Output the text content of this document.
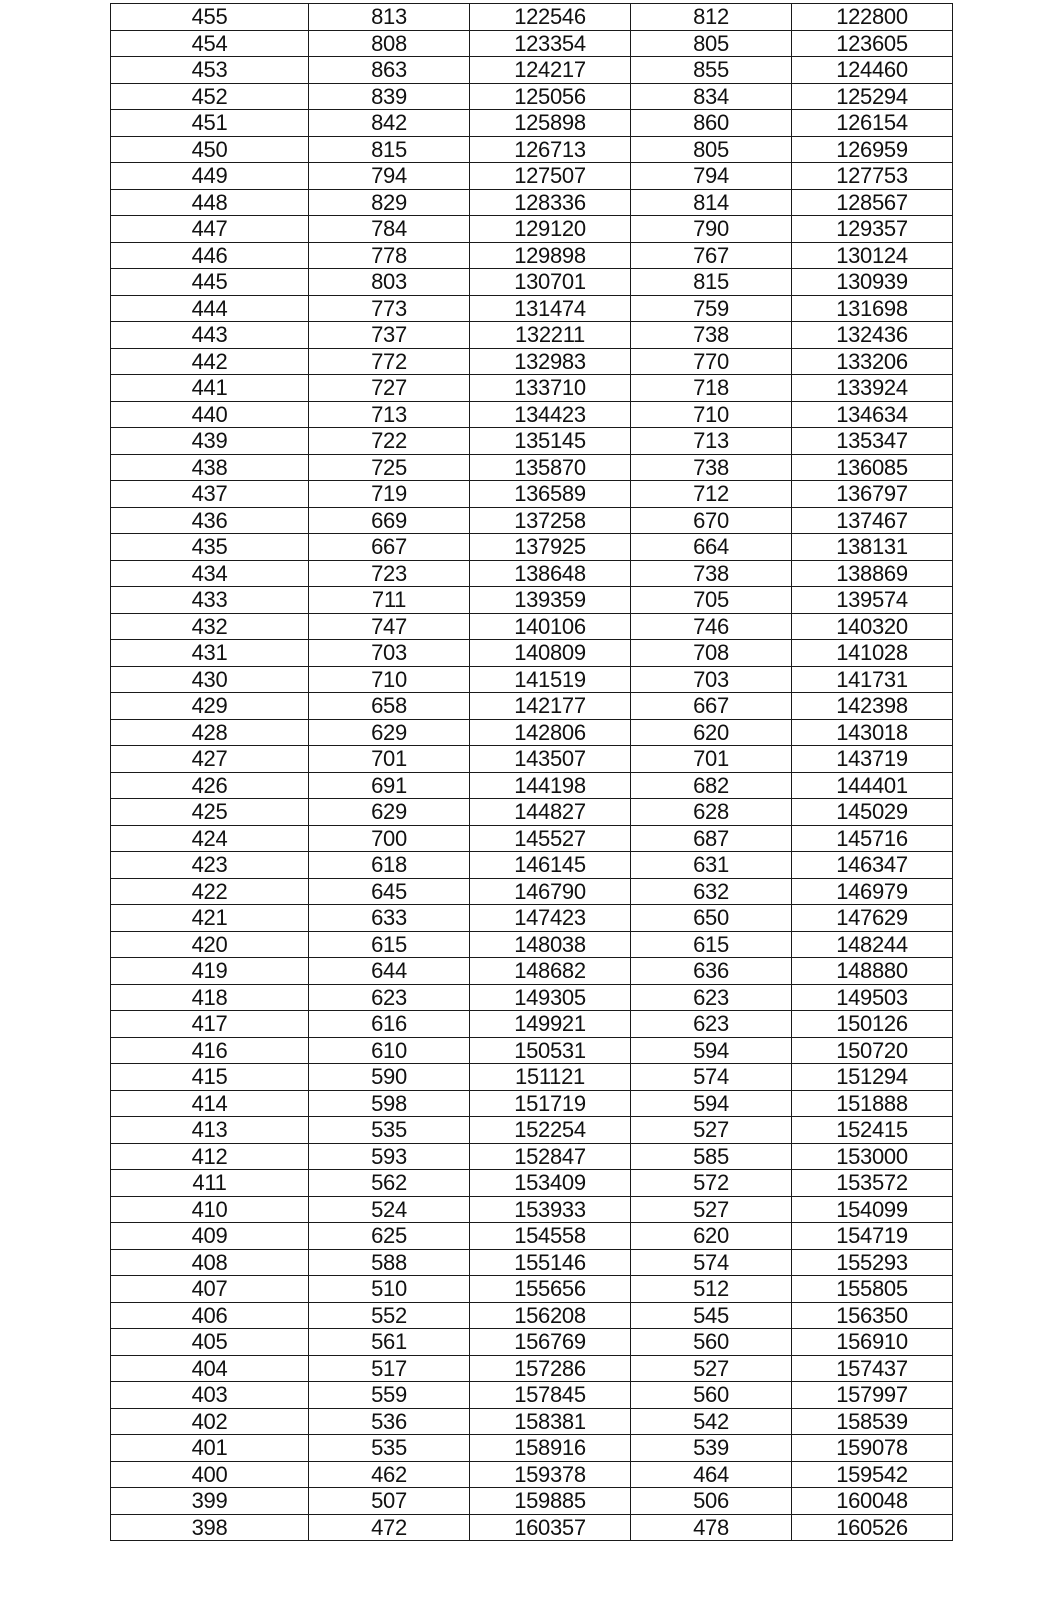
455	813	122546	812	122800
454	808	123354	805	123605
453	863	124217	855	124460
452	839	125056	834	125294
451	842	125898	860	126154
450	815	126713	805	126959
449	794	127507	794	127753
448	829	128336	814	128567
447	784	129120	790	129357
446	778	129898	767	130124
445	803	130701	815	130939
444	773	131474	759	131698
443	737	132211	738	132436
442	772	132983	770	133206
441	727	133710	718	133924
440	713	134423	710	134634
439	722	135145	713	135347
438	725	135870	738	136085
437	719	136589	712	136797
436	669	137258	670	137467
435	667	137925	664	138131
434	723	138648	738	138869
433	711	139359	705	139574
432	747	140106	746	140320
431	703	140809	708	141028
430	710	141519	703	141731
429	658	142177	667	142398
428	629	142806	620	143018
427	701	143507	701	143719
426	691	144198	682	144401
425	629	144827	628	145029
424	700	145527	687	145716
423	618	146145	631	146347
422	645	146790	632	146979
421	633	147423	650	147629
420	615	148038	615	148244
419	644	148682	636	148880
418	623	149305	623	149503
417	616	149921	623	150126
416	610	150531	594	150720
415	590	151121	574	151294
414	598	151719	594	151888
413	535	152254	527	152415
412	593	152847	585	153000
411	562	153409	572	153572
410	524	153933	527	154099
409	625	154558	620	154719
408	588	155146	574	155293
407	510	155656	512	155805
406	552	156208	545	156350
405	561	156769	560	156910
404	517	157286	527	157437
403	559	157845	560	157997
402	536	158381	542	158539
401	535	158916	539	159078
400	462	159378	464	159542
399	507	159885	506	160048
398	472	160357	478	160526
